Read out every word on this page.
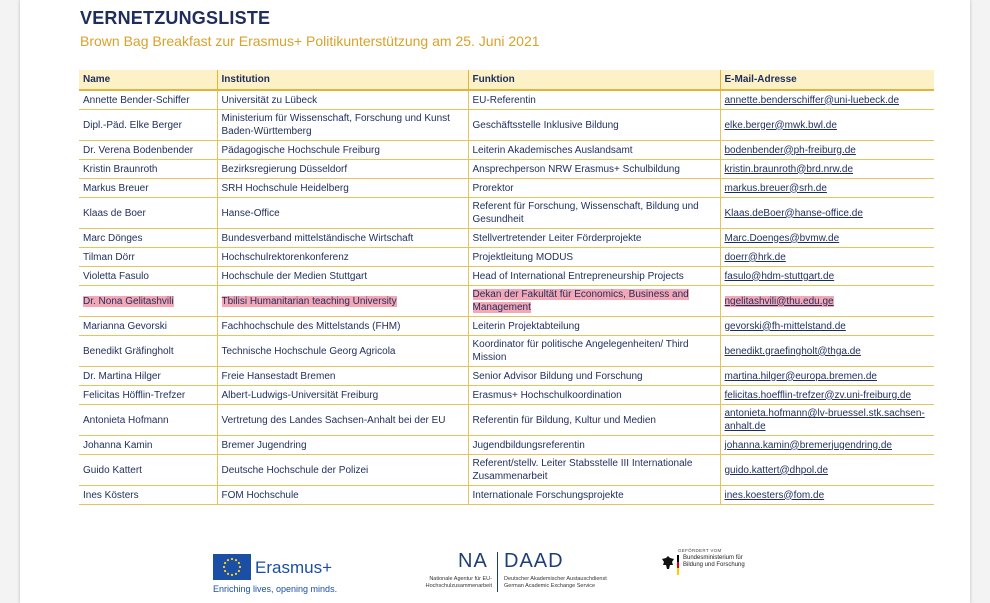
VERNETZUNGSLISTE
Brown Bag Breakfast zur Erasmus+ Politikunterstützung am 25. Juni 2021
Name	Institution	Funktion	E-Mail-Adresse
Annette Bender-Schiffer	Universität zu Lübeck	EU-Referentin	annette.benderschiffer@uni-luebeck.de
Dipl.-Päd. Elke Berger	Ministerium für Wissenschaft, Forschung und Kunst Baden-Württemberg	Geschäftsstelle Inklusive Bildung	elke.berger@mwk.bwl.de
Dr. Verena Bodenbender	Pädagogische Hochschule Freiburg	Leiterin Akademisches Auslandsamt	bodenbender@ph-freiburg.de
Kristin Braunroth	Bezirksregierung Düsseldorf	Ansprechperson NRW Erasmus+ Schulbildung	kristin.braunroth@brd.nrw.de
Markus Breuer	SRH Hochschule Heidelberg	Prorektor	markus.breuer@srh.de
Klaas de Boer	Hanse-Office	Referent für Forschung, Wissenschaft, Bildung und Gesundheit	Klaas.deBoer@hanse-office.de
Marc Dönges	Bundesverband mittelständische Wirtschaft	Stellvertretender Leiter Förderprojekte	Marc.Doenges@bvmw.de
Tilman Dörr	Hochschulrektorenkonferenz	Projektleitung MODUS	doerr@hrk.de
Violetta Fasulo	Hochschule der Medien Stuttgart	Head of International Entrepreneurship Projects	fasulo@hdm-stuttgart.de
Dr. Nona Gelitashvili	Tbilisi Humanitarian teaching University	Dekan der Fakultät für Economics, Business and Management	ngelitashvili@thu.edu.ge
Marianna Gevorski	Fachhochschule des Mittelstands (FHM)	Leiterin Projektabteilung	gevorski@fh-mittelstand.de
Benedikt Gräfingholt	Technische Hochschule Georg Agricola	Koordinator für politische Angelegenheiten/ Third Mission	benedikt.graefingholt@thga.de
Dr. Martina Hilger	Freie Hansestadt Bremen	Senior Advisor Bildung und Forschung	martina.hilger@europa.bremen.de
Felicitas Höfflin-Trefzer	Albert-Ludwigs-Universität Freiburg	Erasmus+ Hochschulkoordination	felicitas.hoefflin-trefzer@zv.uni-freiburg.de
Antonieta Hofmann	Vertretung des Landes Sachsen-Anhalt bei der EU	Referentin für Bildung, Kultur und Medien	antonieta.hofmann@lv-bruessel.stk.sachsen-anhalt.de
Johanna Kamin	Bremer Jugendring	Jugendbildungsreferentin	johanna.kamin@bremerjugendring.de
Guido Kattert	Deutsche Hochschule der Polizei	Referent/stellv. Leiter Stabsstelle III Internationale Zusammenarbeit	guido.kattert@dhpol.de
Ines Kösters	FOM Hochschule	Internationale Forschungsprojekte	ines.koesters@fom.de
Erasmus+
Enriching lives, opening minds.
NA DAAD
Nationale Agentur für EU-Hochschulzusammenarbeit
Deutscher Akademischer Austauschdienst German Academic Exchange Service
GEFÖRDERT VOM
Bundesministerium für Bildung und Forschung
